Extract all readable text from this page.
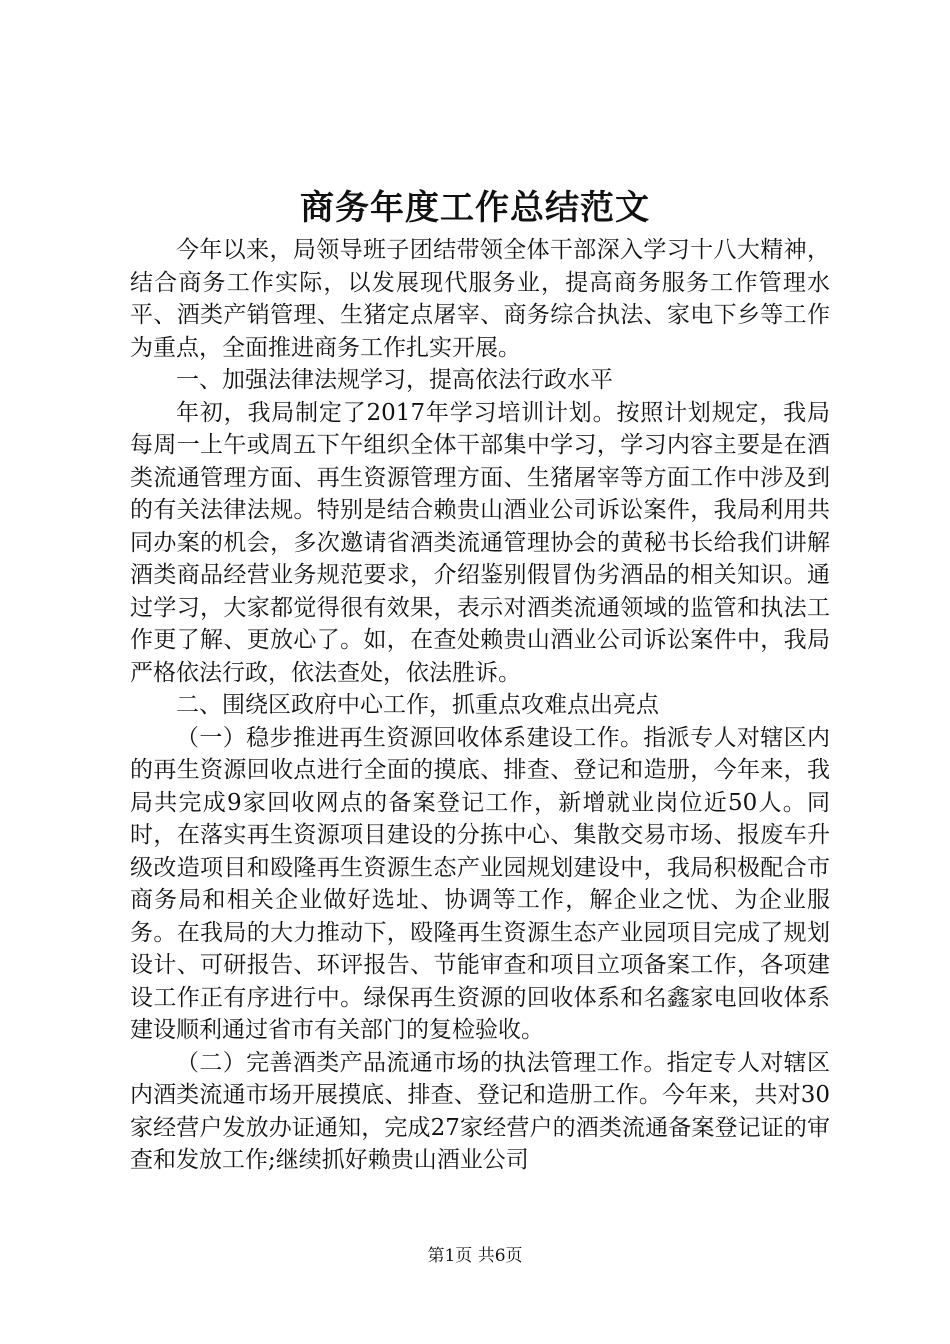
商务年度工作总结范文

今年以来，局领导班子团结带领全体干部深入学习十八大精神，结合商务工作实际，以发展现代服务业，提高商务服务工作管理水平、酒类产销管理、生猪定点屠宰、商务综合执法、家电下乡等工作为重点，全面推进商务工作扎实开展。

一、加强法律法规学习，提高依法行政水平

年初，我局制定了2017年学习培训计划。按照计划规定，我局每周一上午或周五下午组织全体干部集中学习，学习内容主要是在酒类流通管理方面、再生资源管理方面、生猪屠宰等方面工作中涉及到的有关法律法规。特别是结合赖贵山酒业公司诉讼案件，我局利用共同办案的机会，多次邀请省酒类流通管理协会的黄秘书长给我们讲解酒类商品经营业务规范要求，介绍鉴别假冒伪劣酒品的相关知识。通过学习，大家都觉得很有效果，表示对酒类流通领域的监管和执法工作更了解、更放心了。如，在查处赖贵山酒业公司诉讼案件中，我局严格依法行政，依法查处，依法胜诉。

二、围绕区政府中心工作，抓重点攻难点出亮点

（一）稳步推进再生资源回收体系建设工作。指派专人对辖区内的再生资源回收点进行全面的摸底、排查、登记和造册，今年来，我局共完成9家回收网点的备案登记工作，新增就业岗位近50人。同时，在落实再生资源项目建设的分拣中心、集散交易市场、报废车升级改造项目和殴隆再生资源生态产业园规划建设中，我局积极配合市商务局和相关企业做好选址、协调等工作，解企业之忧、为企业服务。在我局的大力推动下，殴隆再生资源生态产业园项目完成了规划设计、可研报告、环评报告、节能审查和项目立项备案工作，各项建设工作正有序进行中。绿保再生资源的回收体系和名鑫家电回收体系建设顺利通过省市有关部门的复检验收。

（二）完善酒类产品流通市场的执法管理工作。指定专人对辖区内酒类流通市场开展摸底、排查、登记和造册工作。今年来，共对30家经营户发放办证通知，完成27家经营户的酒类流通备案登记证的审查和发放工作;继续抓好赖贵山酒业公司

第1页 共6页
